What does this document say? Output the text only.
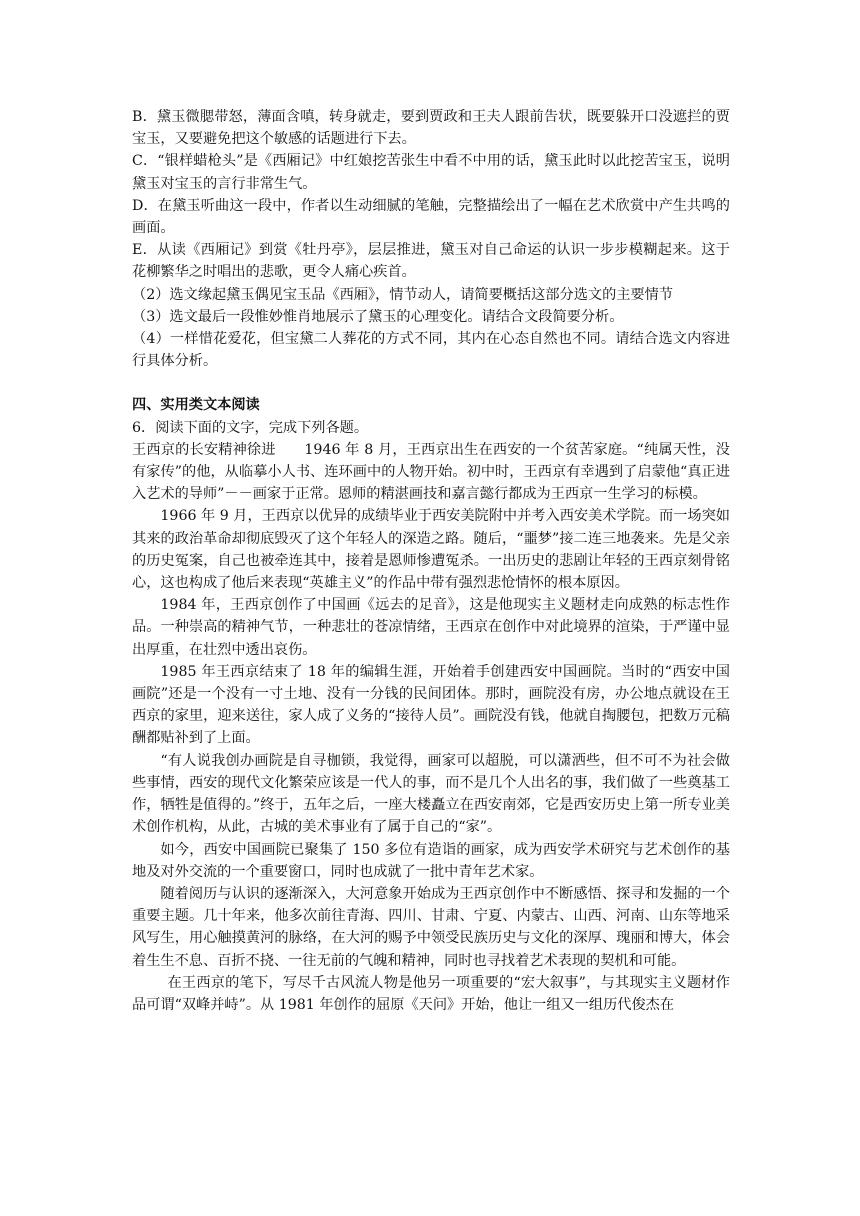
B．黛玉微腮带怒，薄面含嗔，转身就走，要到贾政和王夫人跟前告状，既要躲开口没遮拦的贾宝玉，又要避免把这个敏感的话题进行下去。

C．“银样蜡枪头”是《西厢记》中红娘挖苦张生中看不中用的话，黛玉此时以此挖苦宝玉，说明黛玉对宝玉的言行非常生气。

D．在黛玉听曲这一段中，作者以生动细腻的笔触，完整描绘出了一幅在艺术欣赏中产生共鸣的画面。

E．从读《西厢记》到赏《牡丹亭》，层层推进，黛玉对自己命运的认识一步步模糊起来。这于花柳繁华之时唱出的悲歌，更令人痛心疾首。

（2）选文缘起黛玉偶见宝玉品《西厢》，情节动人，请简要概括这部分选文的主要情节

（3）选文最后一段惟妙惟肖地展示了黛玉的心理变化。请结合文段简要分析。

（4）一样惜花爱花，但宝黛二人葬花的方式不同，其内在心态自然也不同。请结合选文内容进行具体分析。

四、实用类文本阅读

6．阅读下面的文字，完成下列各题。

王西京的长安精神徐进　　1946 年 8 月，王西京出生在西安的一个贫苦家庭。“纯属天性，没有家传”的他，从临摹小人书、连环画中的人物开始。初中时，王西京有幸遇到了启蒙他“真正进入艺术的导师”－－画家于正常。恩师的精湛画技和嘉言懿行都成为王西京一生学习的标模。

1966 年 9 月，王西京以优异的成绩毕业于西安美院附中并考入西安美术学院。而一场突如其来的政治革命却彻底毁灭了这个年轻人的深造之路。随后，“噩梦”接二连三地袭来。先是父亲的历史冤案，自己也被牵连其中，接着是恩师惨遭冤杀。一出历史的悲剧让年轻的王西京刻骨铭心，这也构成了他后来表现“英雄主义”的作品中带有强烈悲怆情怀的根本原因。

1984 年，王西京创作了中国画《远去的足音》，这是他现实主义题材走向成熟的标志性作品。一种崇高的精神气节，一种悲壮的苍凉情绪，王西京在创作中对此境界的渲染，于严谨中显出厚重，在壮烈中透出哀伤。

1985 年王西京结束了 18 年的编辑生涯，开始着手创建西安中国画院。当时的“西安中国画院”还是一个没有一寸土地、没有一分钱的民间团体。那时，画院没有房，办公地点就设在王西京的家里，迎来送往，家人成了义务的“接待人员”。画院没有钱，他就自掏腰包，把数万元稿酬都贴补到了上面。

“有人说我创办画院是自寻枷锁，我觉得，画家可以超脱，可以潇洒些，但不可不为社会做些事情，西安的现代文化繁荣应该是一代人的事，而不是几个人出名的事，我们做了一些奠基工作，牺牲是值得的。”终于，五年之后，一座大楼矗立在西安南郊，它是西安历史上第一所专业美术创作机构，从此，古城的美术事业有了属于自己的“家”。

如今，西安中国画院已聚集了 150 多位有造诣的画家，成为西安学术研究与艺术创作的基地及对外交流的一个重要窗口，同时也成就了一批中青年艺术家。

随着阅历与认识的逐渐深入，大河意象开始成为王西京创作中不断感悟、探寻和发掘的一个重要主题。几十年来，他多次前往青海、四川、甘肃、宁夏、内蒙古、山西、河南、山东等地采风写生，用心触摸黄河的脉络，在大河的赐予中领受民族历史与文化的深厚、瑰丽和博大，体会着生生不息、百折不挠、一往无前的气魄和精神，同时也寻找着艺术表现的契机和可能。

在王西京的笔下，写尽千古风流人物是他另一项重要的“宏大叙事”，与其现实主义题材作品可谓“双峰并峙”。从 1981 年创作的屈原《天问》开始，他让一组又一组历代俊杰在
